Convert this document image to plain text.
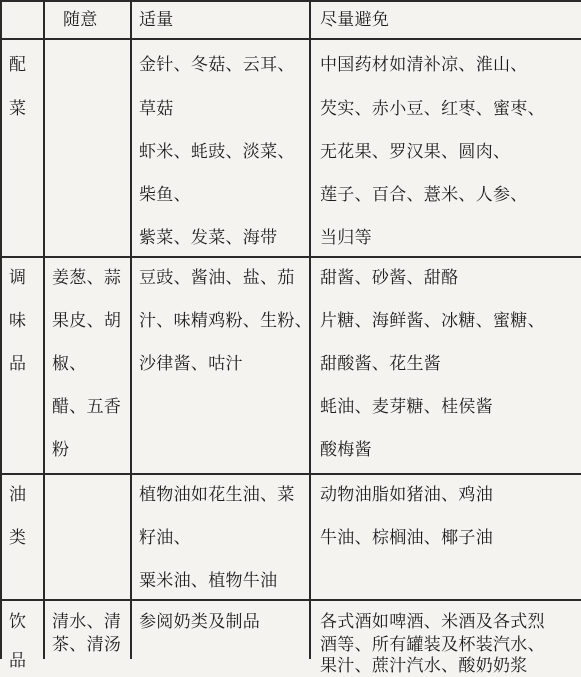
随意 适量	尽量避免
配
菜
金针、冬菇、云耳、
草菇
虾米、蚝豉、淡菜、
柴鱼、
紫菜、发菜、海带
中国药材如清补凉、淮山、
芡实、赤小豆、红枣、蜜枣、
无花果、罗汉果、圆肉、
莲子、百合、薏米、人参、
当归等
调
味
品
姜葱、蒜
果皮、胡
椒、
醋、五香
粉
豆豉、酱油、盐、茄
汁、味精鸡粉、生粉、
沙律酱、咕汁
甜酱、砂酱、甜酪
片糖、海鲜酱、冰糖、蜜糖、
甜酸酱、花生酱
蚝油、麦芽糖、桂侯酱
酸梅酱
油
类
植物油如花生油、菜
籽油、
粟米油、植物牛油
动物油脂如猪油、鸡油
牛油、棕榈油、椰子油
饮
品
清水、清
茶、清汤
参阅奶类及制品	各式酒如啤酒、米酒及各式烈
酒等、所有罐装及杯装汽水、
果汁、蔗汁汽水、酸奶奶浆
